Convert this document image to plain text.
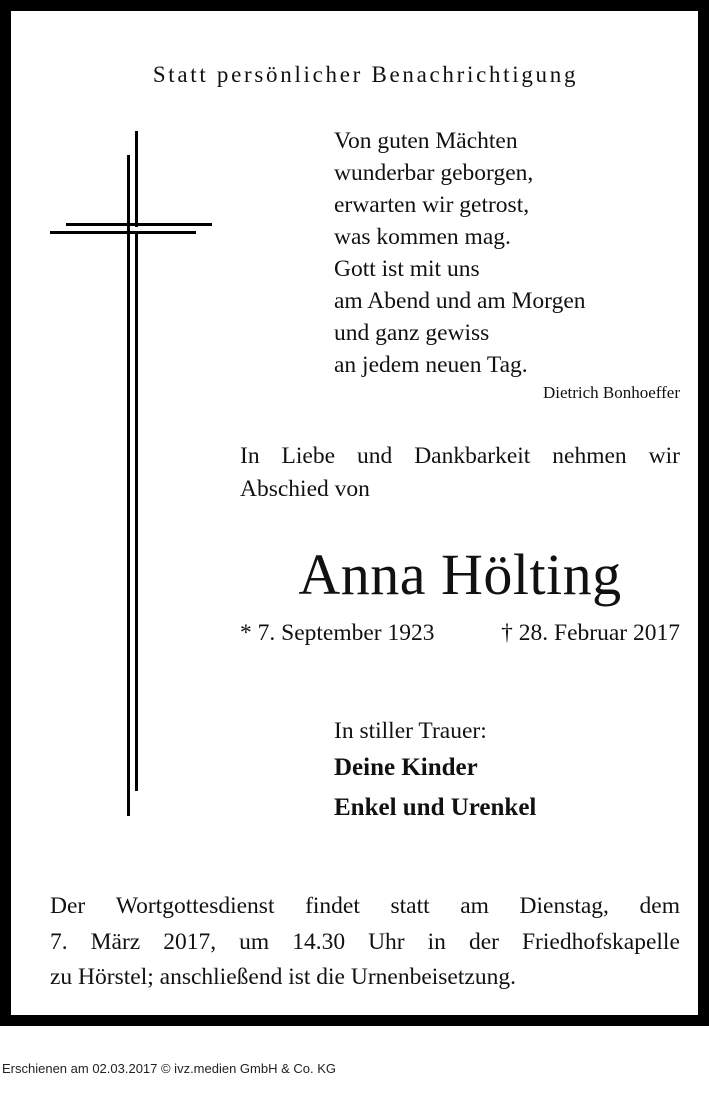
Statt persönlicher Benachrichtigung
Von guten Mächten
wunderbar geborgen,
erwarten wir getrost,
was kommen mag.
Gott ist mit uns
am Abend und am Morgen
und ganz gewiss
an jedem neuen Tag.
Dietrich Bonhoeffer
In Liebe und Dankbarkeit nehmen wir
Abschied von
Anna Hölting
* 7. September 1923	† 28. Februar 2017
In stiller Trauer:
Deine Kinder
Enkel und Urenkel
Der Wortgottesdienst findet statt am Dienstag, dem
7. März 2017, um 14.30 Uhr in der Friedhofskapelle
zu Hörstel; anschließend ist die Urnenbeisetzung.
Erschienen am 02.03.2017 © ivz.medien GmbH & Co. KG
